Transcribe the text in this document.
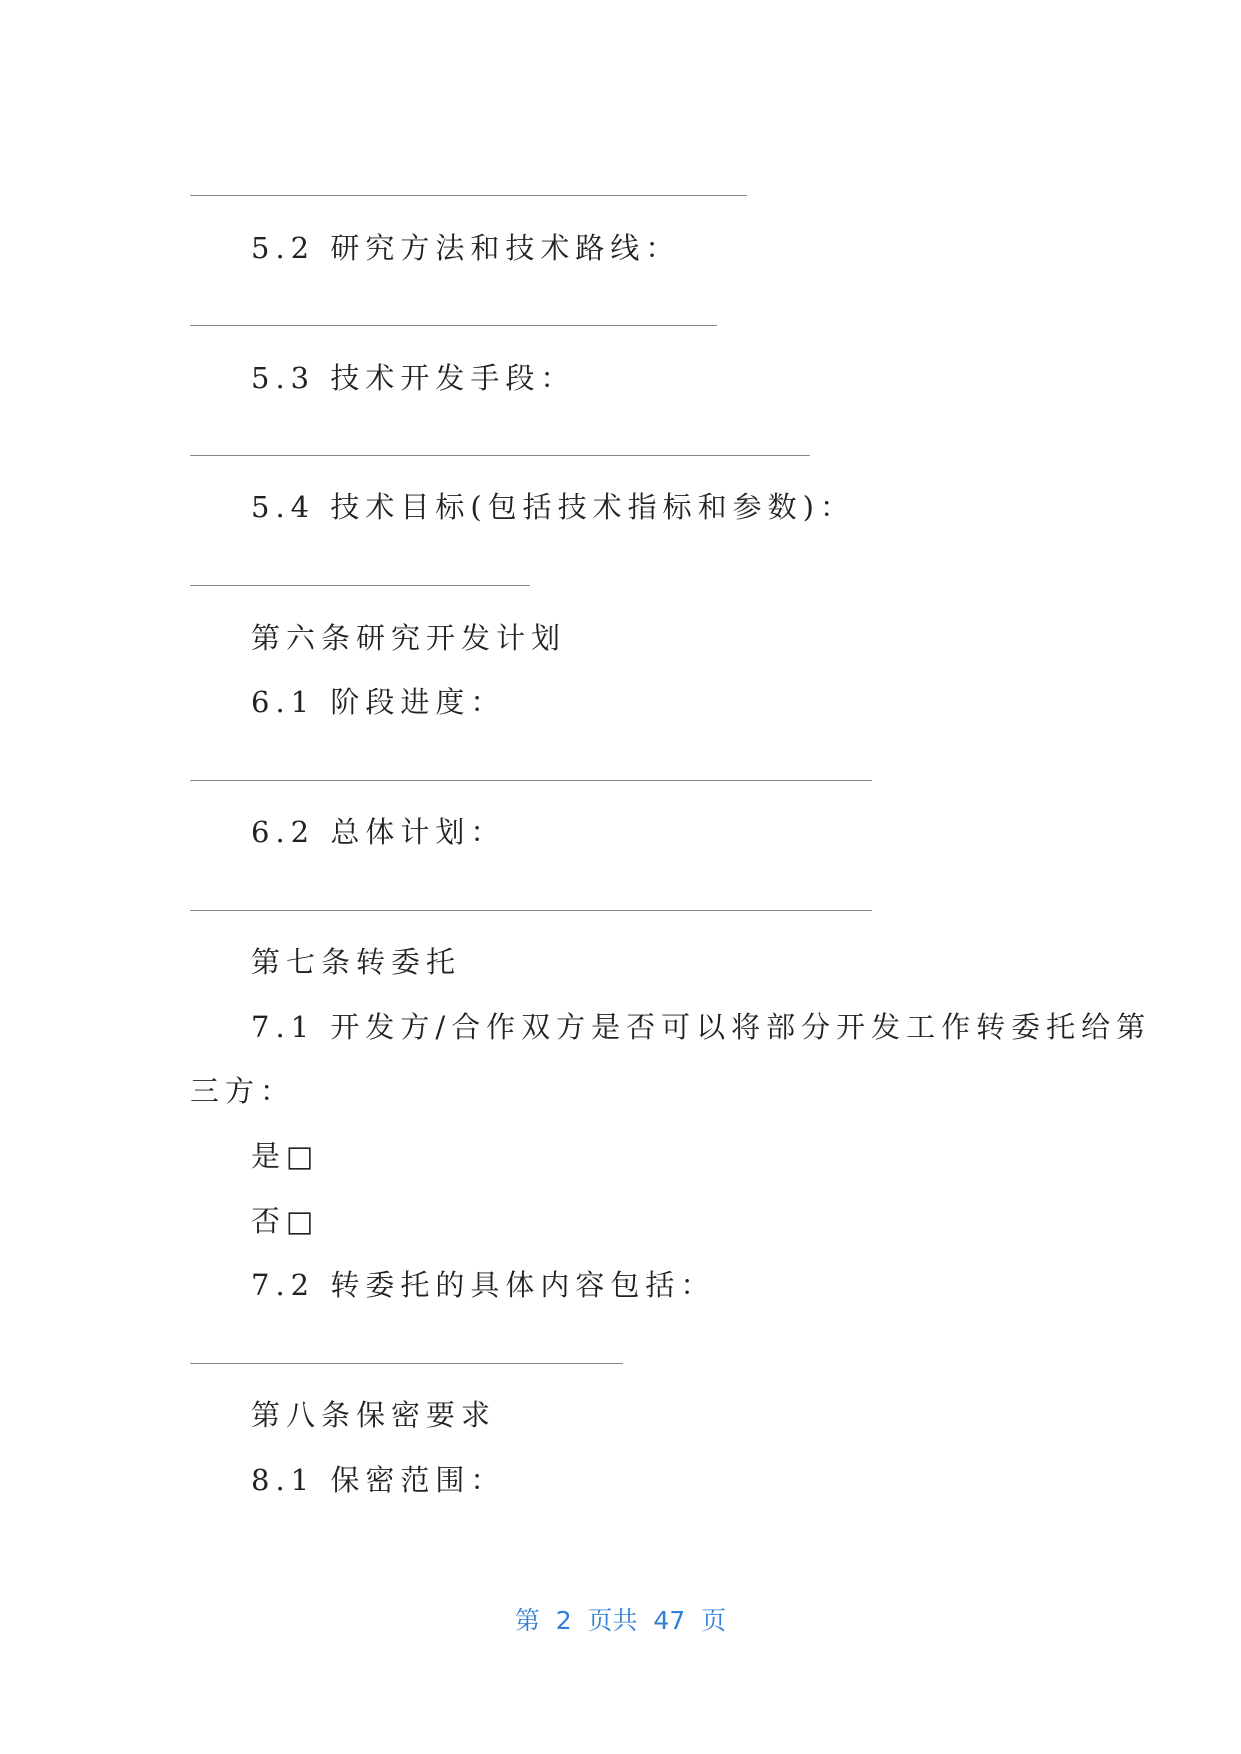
5.2 研究方法和技术路线：
5.3 技术开发手段：
5.4 技术目标(包括技术指标和参数)：
第六条研究开发计划
6.1 阶段进度：
6.2 总体计划：
第七条转委托
7.1 开发方/合作双方是否可以将部分开发工作转委托给第
三方：
是□
否□
7.2 转委托的具体内容包括：
第八条保密要求
8.1 保密范围：
第  2  页共  47  页
